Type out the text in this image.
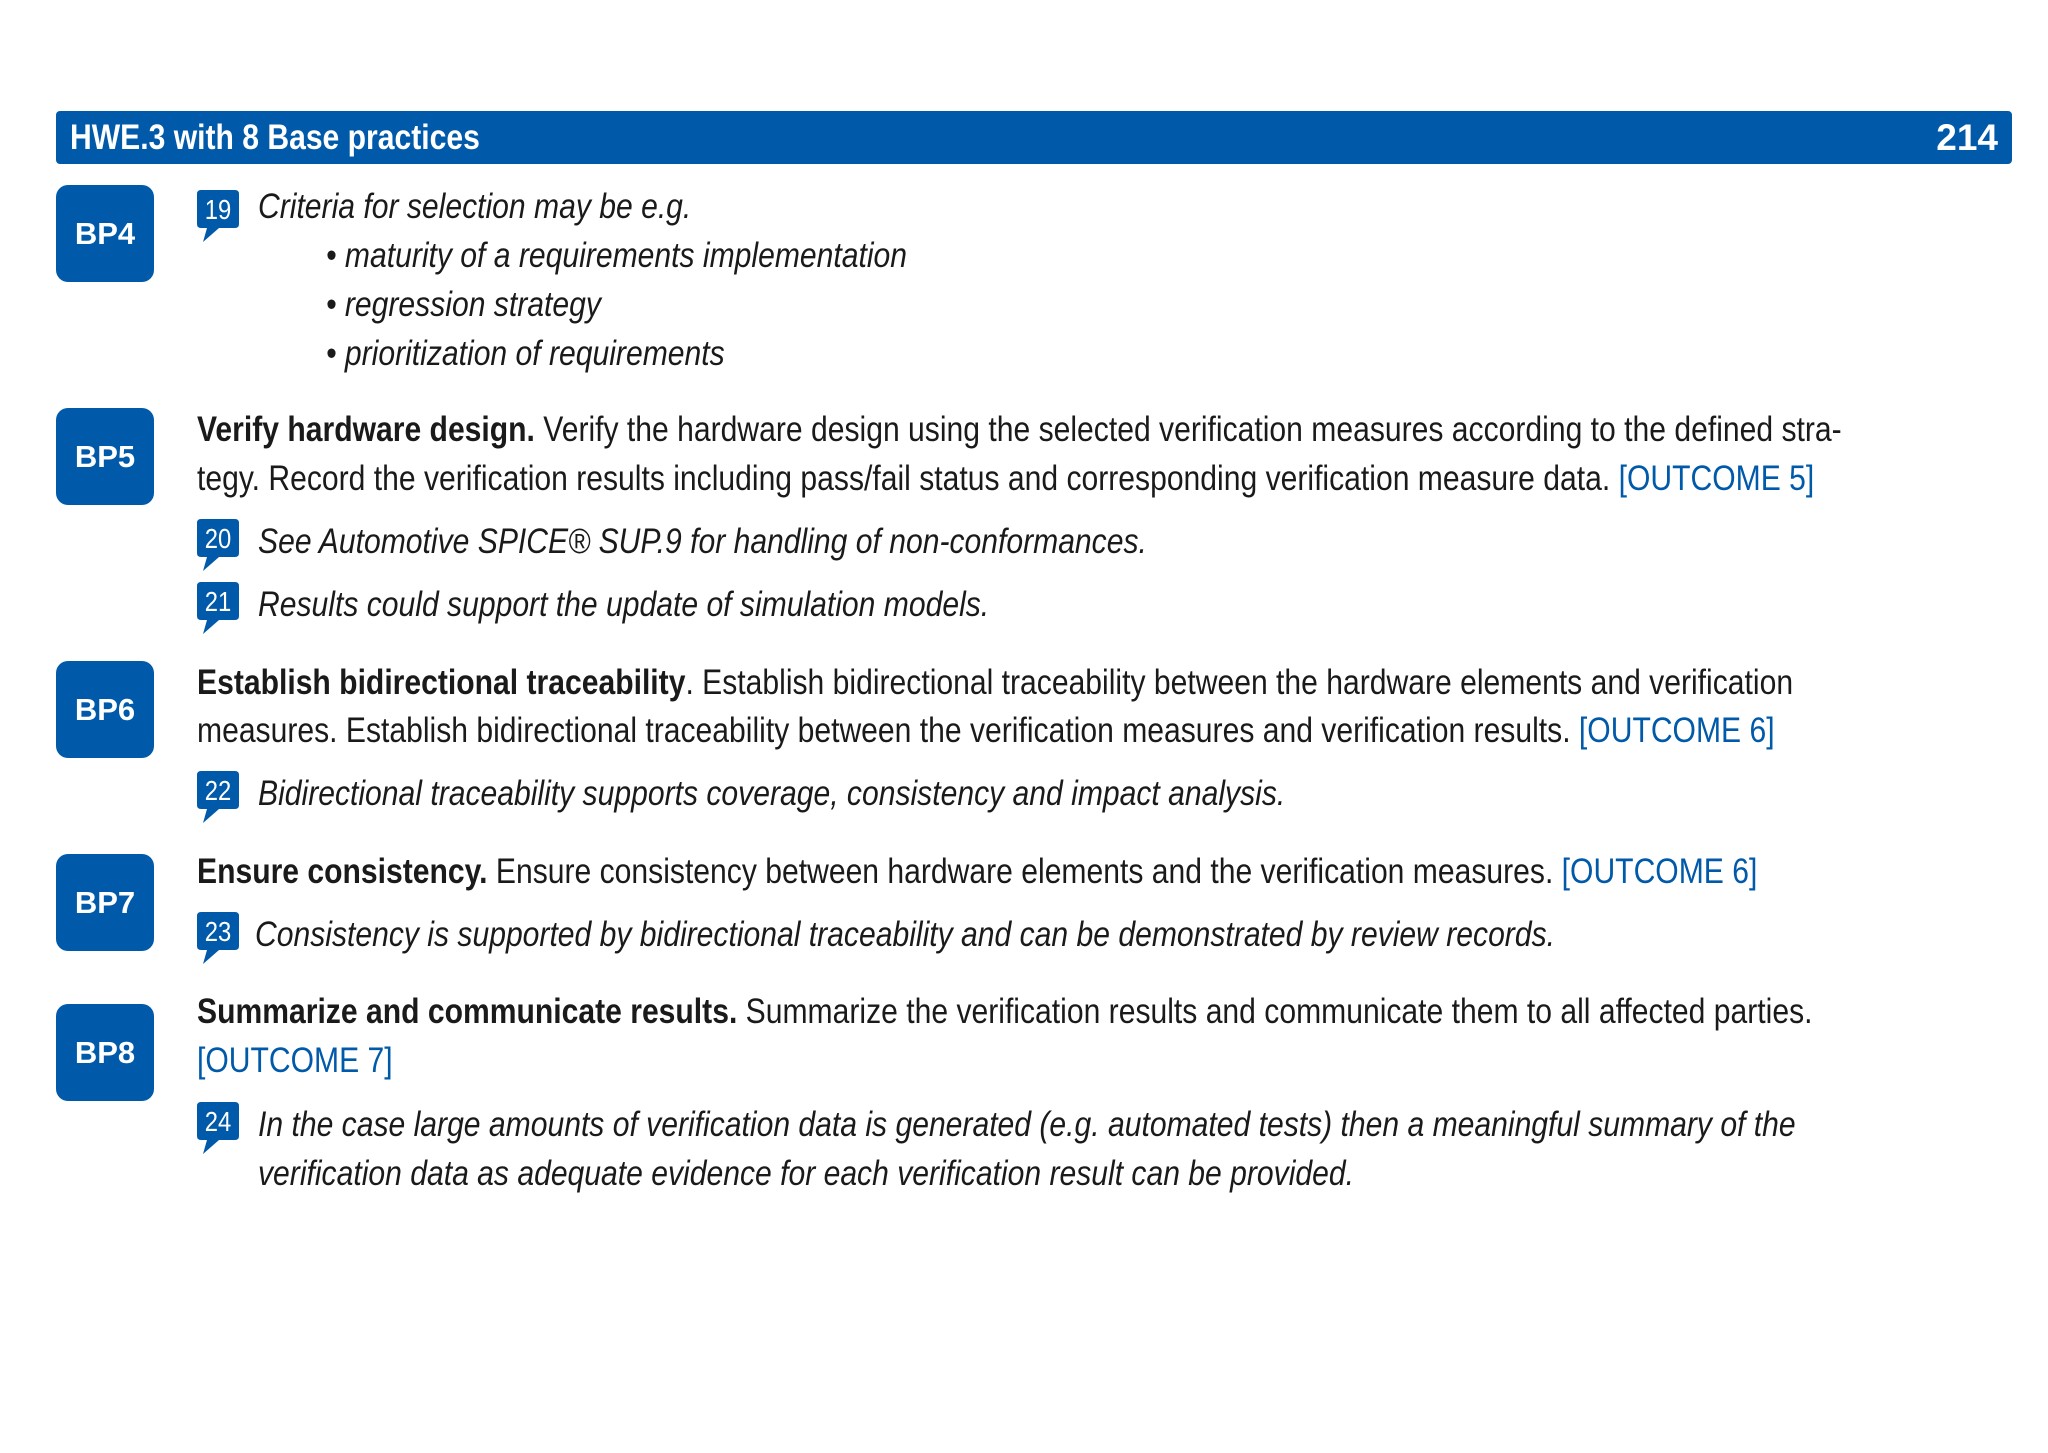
HWE.3 with 8 Base practices	214
BP4
19 Criteria for selection may be e.g.
• maturity of a requirements implementation
• regression strategy
• prioritization of requirements
BP5
Verify hardware design. Verify the hardware design using the selected verification measures according to the defined stra-
tegy. Record the verification results including pass/fail status and corresponding verification measure data. [OUTCOME 5]
20 See Automotive SPICE® SUP.9 for handling of non-conformances.
21 Results could support the update of simulation models.
BP6
Establish bidirectional traceability. Establish bidirectional traceability between the hardware elements and verification
measures. Establish bidirectional traceability between the verification measures and verification results. [OUTCOME 6]
22 Bidirectional traceability supports coverage, consistency and impact analysis.
BP7
Ensure consistency. Ensure consistency between hardware elements and the verification measures. [OUTCOME 6]
23 Consistency is supported by bidirectional traceability and can be demonstrated by review records.
BP8
Summarize and communicate results. Summarize the verification results and communicate them to all affected parties.
[OUTCOME 7]
24 In the case large amounts of verification data is generated (e.g. automated tests) then a meaningful summary of the
verification data as adequate evidence for each verification result can be provided.
